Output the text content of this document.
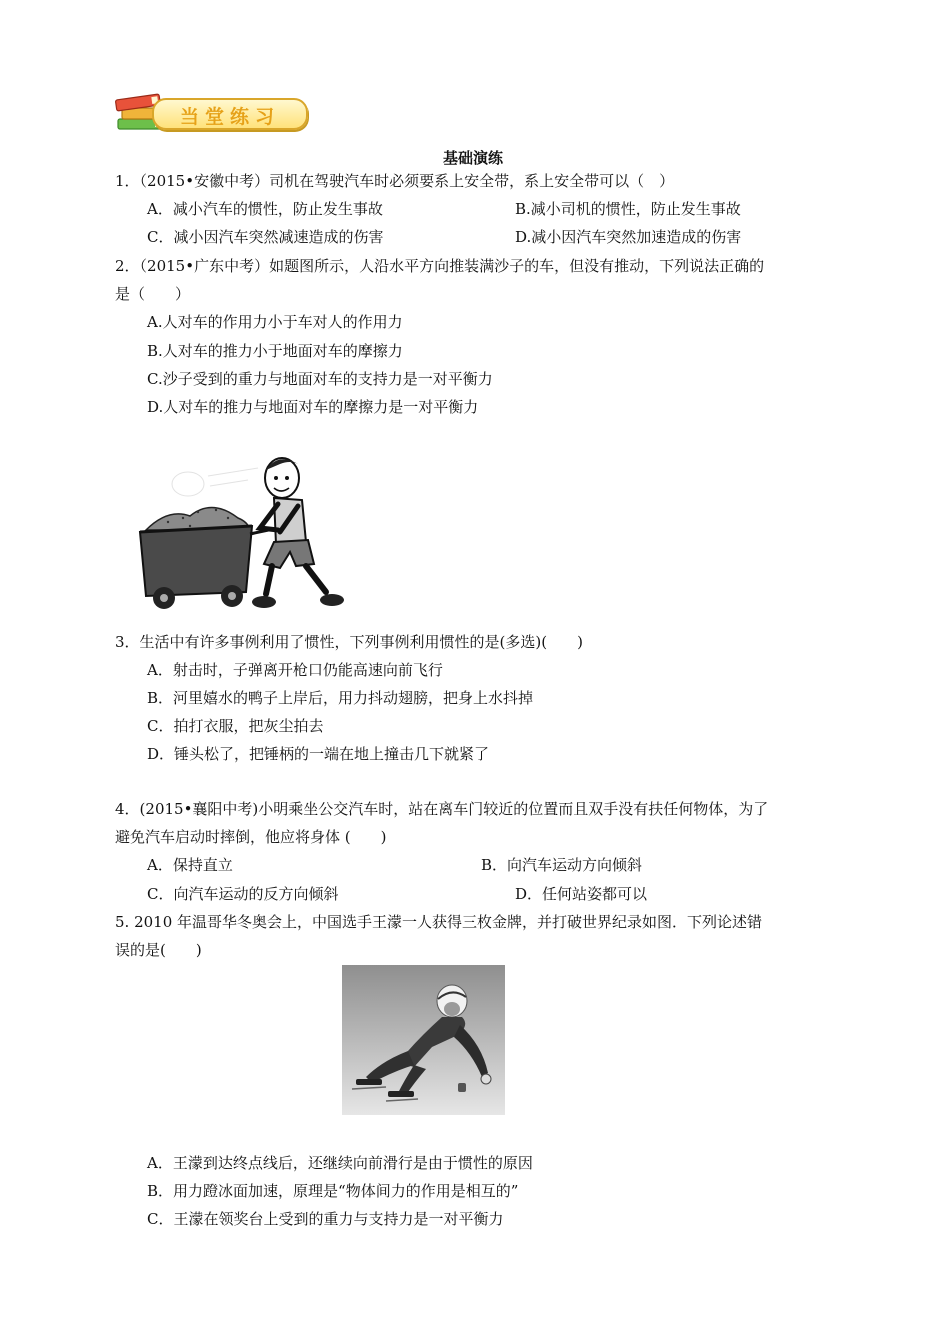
当堂练习
基础演练
1．（2015•安徽中考）司机在驾驶汽车时必须要系上安全带，系上安全带可以（　）
A．减小汽车的惯性，防止发生事故	B.减小司机的惯性，防止发生事故
C．减小因汽车突然减速造成的伤害	D.减小因汽车突然加速造成的伤害
2．（2015•广东中考）如题图所示，人沿水平方向推装满沙子的车，但没有推动，下列说法正确的
是（　　）
A.人对车的作用力小于车对人的作用力
B.人对车的推力小于地面对车的摩擦力
C.沙子受到的重力与地面对车的支持力是一对平衡力
D.人对车的推力与地面对车的摩擦力是一对平衡力
3．生活中有许多事例利用了惯性，下列事例利用惯性的是(多选)(　　)
A．射击时，子弹离开枪口仍能高速向前飞行
B．河里嬉水的鸭子上岸后，用力抖动翅膀，把身上水抖掉
C．拍打衣服，把灰尘拍去
D．锤头松了，把锤柄的一端在地上撞击几下就紧了
4．(2015•襄阳中考)小明乘坐公交汽车时，站在离车门较近的位置而且双手没有扶任何物体，为了
避免汽车启动时摔倒，他应将身体 (　　)
A．保持直立	B．向汽车运动方向倾斜
C．向汽车运动的反方向倾斜	D．任何站姿都可以
5. 2010 年温哥华冬奥会上，中国选手王濛一人获得三枚金牌，并打破世界纪录如图．下列论述错
误的是(　　)
A．王濛到达终点线后，还继续向前滑行是由于惯性的原因
B．用力蹬冰面加速，原理是“物体间力的作用是相互的”
C．王濛在领奖台上受到的重力与支持力是一对平衡力
